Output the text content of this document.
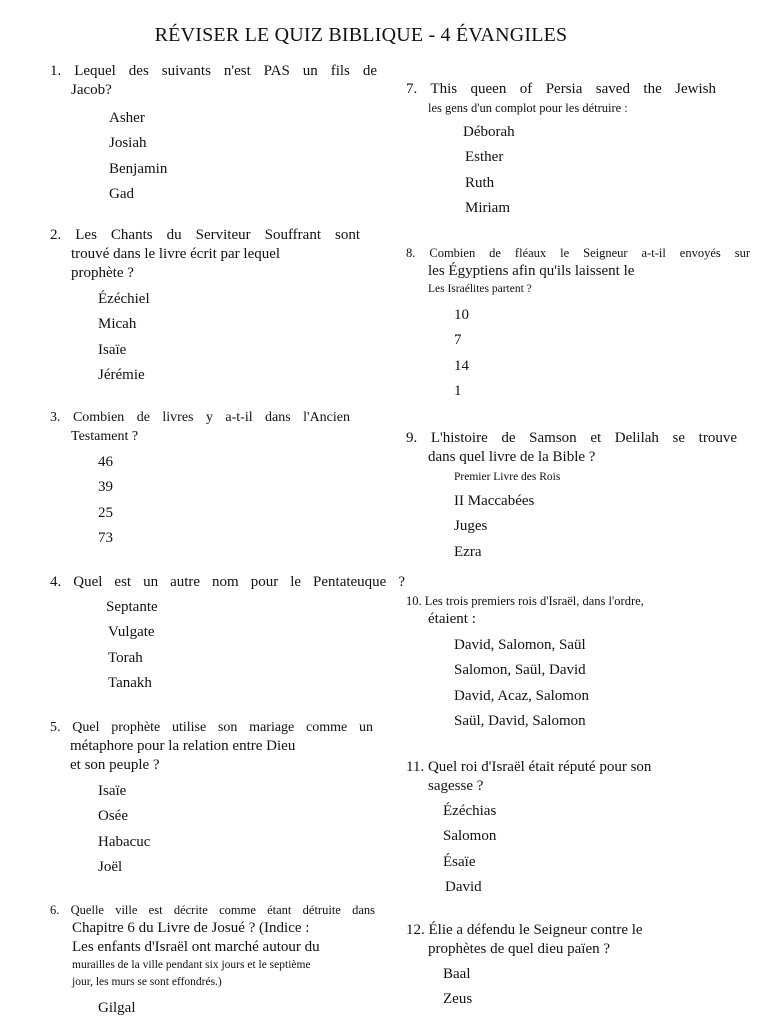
RÉVISER LE QUIZ BIBLIQUE - 4 ÉVANGILES
1. Lequel des suivants n'est PAS un fils de
Jacob?
Asher
Josiah
Benjamin
Gad
2. Les Chants du Serviteur Souffrant sont
trouvé dans le livre écrit par lequel
prophète ?
Ézéchiel
Micah
Isaïe
Jérémie
3. Combien de livres y a-t-il dans l'Ancien
Testament ?
46
39
25
73
4. Quel est un autre nom pour le Pentateuque ?
Septante
Vulgate
Torah
Tanakh
5. Quel prophète utilise son mariage comme un
métaphore pour la relation entre Dieu
et son peuple ?
Isaïe
Osée
Habacuc
Joël
6. Quelle ville est décrite comme étant détruite dans
Chapitre 6 du Livre de Josué ? (Indice :
Les enfants d'Israël ont marché autour du
murailles de la ville pendant six jours et le septième
jour, les murs se sont effondrés.)
Gilgal
7. This queen of Persia saved the Jewish
les gens d'un complot pour les détruire :
Déborah
Esther
Ruth
Miriam
8. Combien de fléaux le Seigneur a-t-il envoyés sur
les Égyptiens afin qu'ils laissent le
Les Israélites partent ?
10
7
14
1
9. L'histoire de Samson et Delilah se trouve
dans quel livre de la Bible ?
Premier Livre des Rois
II Maccabées
Juges
Ezra
10. Les trois premiers rois d'Israël, dans l'ordre,
étaient :
David, Salomon, Saül
Salomon, Saül, David
David, Acaz, Salomon
Saül, David, Salomon
11. Quel roi d'Israël était réputé pour son
sagesse ?
Ézéchias
Salomon
Ésaïe
David
12. Élie a défendu le Seigneur contre le
prophètes de quel dieu païen ?
Baal
Zeus
